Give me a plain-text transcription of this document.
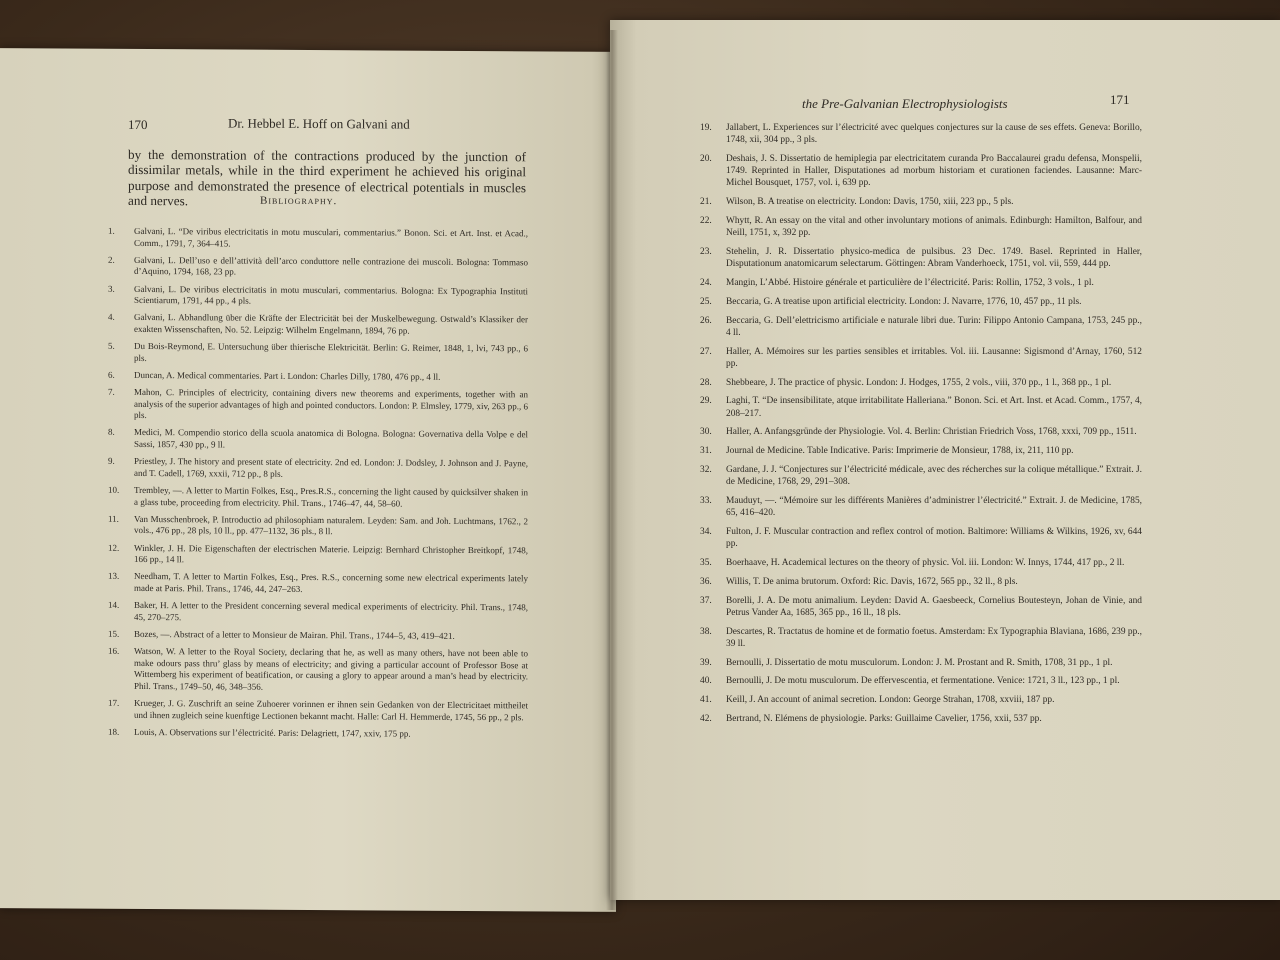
170	Dr. Hebbel E. Hoff on Galvani and
by the demonstration of the contractions produced by the junction of dissimilar metals, while in the third experiment he achieved his original purpose and demonstrated the presence of electrical potentials in muscles and nerves.	Bibliography.
1. Galvani, L. “De viribus electricitatis in motu musculari, commentarius.” Bonon. Sci. et Art. Inst. et Acad., Comm., 1791, 7, 364–415.
2. Galvani, L. Dell’uso e dell’attività dell’arco conduttore nelle contrazione dei muscoli. Bologna: Tommaso d’Aquino, 1794, 168, 23 pp.
3. Galvani, L. De viribus electricitatis in motu musculari, commentarius. Bologna: Ex Typographia Instituti Scientiarum, 1791, 44 pp., 4 pls.
4. Galvani, L. Abhandlung über die Kräfte der Electricität bei der Muskelbewegung. Ostwald’s Klassiker der exakten Wissenschaften, No. 52. Leipzig: Wilhelm Engelmann, 1894, 76 pp.
5. Du Bois-Reymond, E. Untersuchung über thierische Elektricität. Berlin: G. Reimer, 1848, 1, lvi, 743 pp., 6 pls.
6. Duncan, A. Medical commentaries. Part i. London: Charles Dilly, 1780, 476 pp., 4 ll.
7. Mahon, C. Principles of electricity, containing divers new theorems and experiments, together with an analysis of the superior advantages of high and pointed conductors. London: P. Elmsley, 1779, xiv, 263 pp., 6 pls.
8. Medici, M. Compendio storico della scuola anatomica di Bologna. Bologna: Governativa della Volpe e del Sassi, 1857, 430 pp., 9 ll.
9. Priestley, J. The history and present state of electricity. 2nd ed. London: J. Dodsley, J. Johnson and J. Payne, and T. Cadell, 1769, xxxii, 712 pp., 8 pls.
10. Trembley, —. A letter to Martin Folkes, Esq., Pres.R.S., concerning the light caused by quicksilver shaken in a glass tube, proceeding from electricity. Phil. Trans., 1746–47, 44, 58–60.
11. Van Musschenbroek, P. Introductio ad philosophiam naturalem. Leyden: Sam. and Joh. Luchtmans, 1762., 2 vols., 476 pp., 28 pls, 10 ll., pp. 477–1132, 36 pls., 8 ll.
12. Winkler, J. H. Die Eigenschaften der electrischen Materie. Leipzig: Bernhard Christopher Breitkopf, 1748, 166 pp., 14 ll.
13. Needham, T. A letter to Martin Folkes, Esq., Pres. R.S., concerning some new electrical experiments lately made at Paris. Phil. Trans., 1746, 44, 247–263.
14. Baker, H. A letter to the President concerning several medical experiments of electricity. Phil. Trans., 1748, 45, 270–275.
15. Bozes, —. Abstract of a letter to Monsieur de Mairan. Phil. Trans., 1744–5, 43, 419–421.
16. Watson, W. A letter to the Royal Society, declaring that he, as well as many others, have not been able to make odours pass thru’ glass by means of electricity; and giving a particular account of Professor Bose at Wittemberg his experiment of beatification, or causing a glory to appear around a man’s head by electricity. Phil. Trans., 1749–50, 46, 348–356.
17. Krueger, J. G. Zuschrift an seine Zuhoerer vorinnen er ihnen sein Gedanken von der Electricitaet mittheilet und ihnen zugleich seine kuenftige Lectionen bekannt macht. Halle: Carl H. Hemmerde, 1745, 56 pp., 2 pls.
18. Louis, A. Observations sur l’électricité. Paris: Delagriett, 1747, xxiv, 175 pp.
the Pre-Galvanian Electrophysiologists	171
19. Jallabert, L. Experiences sur l’électricité avec quelques conjectures sur la cause de ses effets. Geneva: Borillo, 1748, xii, 304 pp., 3 pls.
20. Deshais, J. S. Dissertatio de hemiplegia par electricitatem curanda Pro Baccalaurei gradu defensa, Monspelii, 1749. Reprinted in Haller, Disputationes ad morbum historiam et curationen faciendes. Lausanne: Marc-Michel Bousquet, 1757, vol. i, 639 pp.
21. Wilson, B. A treatise on electricity. London: Davis, 1750, xiii, 223 pp., 5 pls.
22. Whytt, R. An essay on the vital and other involuntary motions of animals. Edinburgh: Hamilton, Balfour, and Neill, 1751, x, 392 pp.
23. Stehelin, J. R. Dissertatio physico-medica de pulsibus. 23 Dec. 1749. Basel. Reprinted in Haller, Disputationum anatomicarum selectarum. Göttingen: Abram Vanderhoeck, 1751, vol. vii, 559, 444 pp.
24. Mangin, L’Abbé. Histoire générale et particulière de l’électricité. Paris: Rollin, 1752, 3 vols., 1 pl.
25. Beccaria, G. A treatise upon artificial electricity. London: J. Navarre, 1776, 10, 457 pp., 11 pls.
26. Beccaria, G. Dell’elettricismo artificiale e naturale libri due. Turin: Filippo Antonio Campana, 1753, 245 pp., 4 ll.
27. Haller, A. Mémoires sur les parties sensibles et irritables. Vol. iii. Lausanne: Sigismond d’Arnay, 1760, 512 pp.
28. Shebbeare, J. The practice of physic. London: J. Hodges, 1755, 2 vols., viii, 370 pp., 1 l., 368 pp., 1 pl.
29. Laghi, T. “De insensibilitate, atque irritabilitate Halleriana.” Bonon. Sci. et Art. Inst. et Acad. Comm., 1757, 4, 208–217.
30. Haller, A. Anfangsgründe der Physiologie. Vol. 4. Berlin: Christian Friedrich Voss, 1768, xxxi, 709 pp., 1511.
31. Journal de Medicine. Table Indicative. Paris: Imprimerie de Monsieur, 1788, ix, 211, 110 pp.
32. Gardane, J. J. “Conjectures sur l’électricité médicale, avec des récherches sur la colique métallique.” Extrait. J. de Medicine, 1768, 29, 291–308.
33. Mauduyt, —. “Mémoire sur les différents Manières d’administrer l’électricité.” Extrait. J. de Medicine, 1785, 65, 416–420.
34. Fulton, J. F. Muscular contraction and reflex control of motion. Baltimore: Williams & Wilkins, 1926, xv, 644 pp.
35. Boerhaave, H. Academical lectures on the theory of physic. Vol. iii. London: W. Innys, 1744, 417 pp., 2 ll.
36. Willis, T. De anima brutorum. Oxford: Ric. Davis, 1672, 565 pp., 32 ll., 8 pls.
37. Borelli, J. A. De motu animalium. Leyden: David A. Gaesbeeck, Cornelius Boutesteyn, Johan de Vinie, and Petrus Vander Aa, 1685, 365 pp., 16 ll., 18 pls.
38. Descartes, R. Tractatus de homine et de formatio foetus. Amsterdam: Ex Typographia Blaviana, 1686, 239 pp., 39 ll.
39. Bernoulli, J. Dissertatio de motu musculorum. London: J. M. Prostant and R. Smith, 1708, 31 pp., 1 pl.
40. Bernoulli, J. De motu musculorum. De effervescentia, et fermentatione. Venice: 1721, 3 ll., 123 pp., 1 pl.
41. Keill, J. An account of animal secretion. London: George Strahan, 1708, xxviii, 187 pp.
42. Bertrand, N. Elémens de physiologie. Parks: Guillaime Cavelier, 1756, xxii, 537 pp.
